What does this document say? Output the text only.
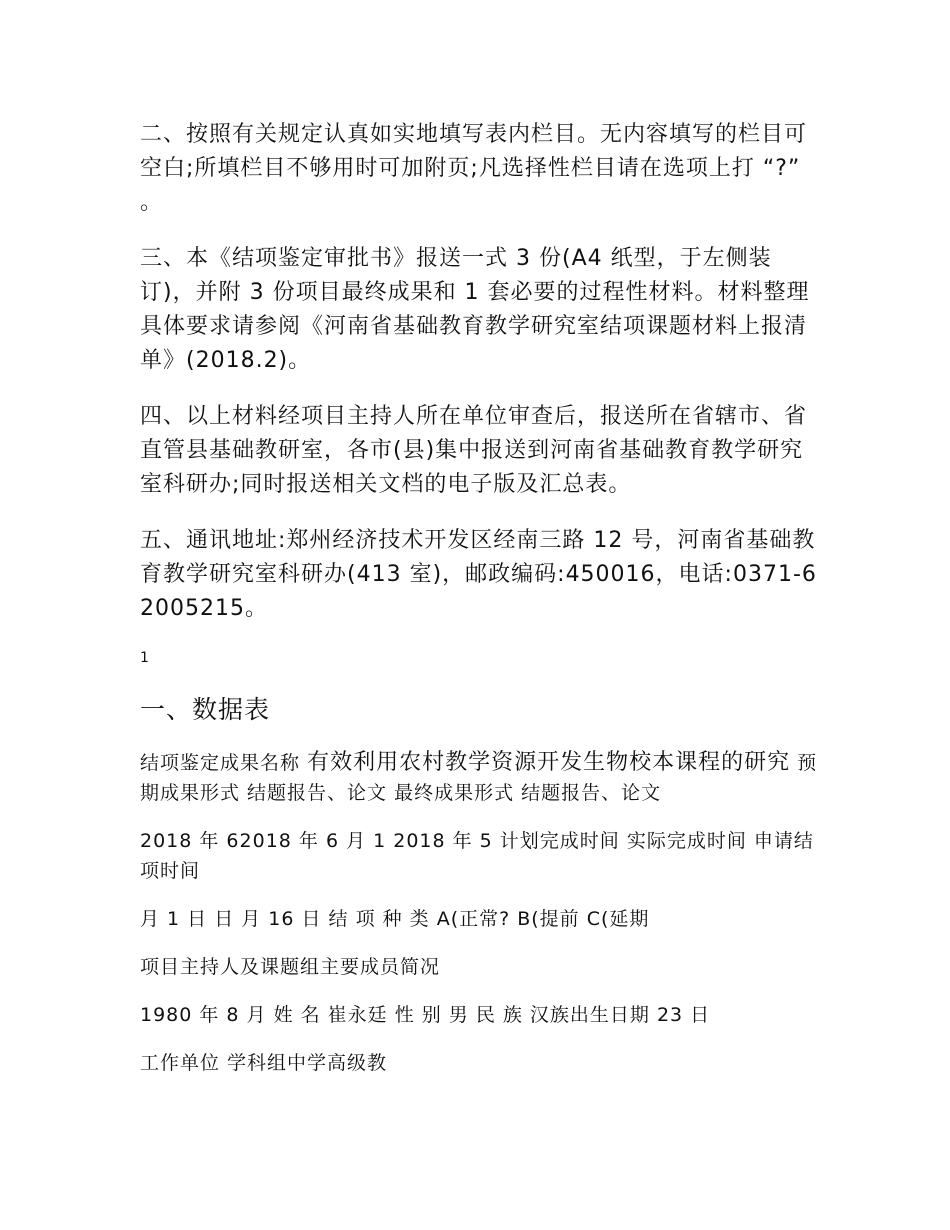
二、按照有关规定认真如实地填写表内栏目。无内容填写的栏目可空白;所填栏目不够用时可加附页;凡选择性栏目请在选项上打 “?” 。

三、本《结项鉴定审批书》报送一式 3 份(A4 纸型，于左侧装订)，并附 3 份项目最终成果和 1 套必要的过程性材料。材料整理具体要求请参阅《河南省基础教育教学研究室结项课题材料上报清单》(2018.2)。

四、以上材料经项目主持人所在单位审查后，报送所在省辖市、省直管县基础教研室，各市(县)集中报送到河南省基础教育教学研究室科研办;同时报送相关文档的电子版及汇总表。

五、通讯地址:郑州经济技术开发区经南三路 12 号，河南省基础教育教学研究室科研办(413 室)，邮政编码:450016，电话:0371-62005215。

1
一、数据表

结项鉴定成果名称 有效利用农村教学资源开发生物校本课程的研究 预期成果形式 结题报告、论文 最终成果形式 结题报告、论文

2018 年 62018 年 6 月 1 2018 年 5 计划完成时间 实际完成时间 申请结项时间

月 1 日 日 月 16 日 结 项 种 类 A(正常? B(提前 C(延期

项目主持人及课题组主要成员简况

1980 年 8 月 姓 名 崔永廷 性 别 男 民 族 汉族出生日期 23 日

工作单位 学科组中学高级教
